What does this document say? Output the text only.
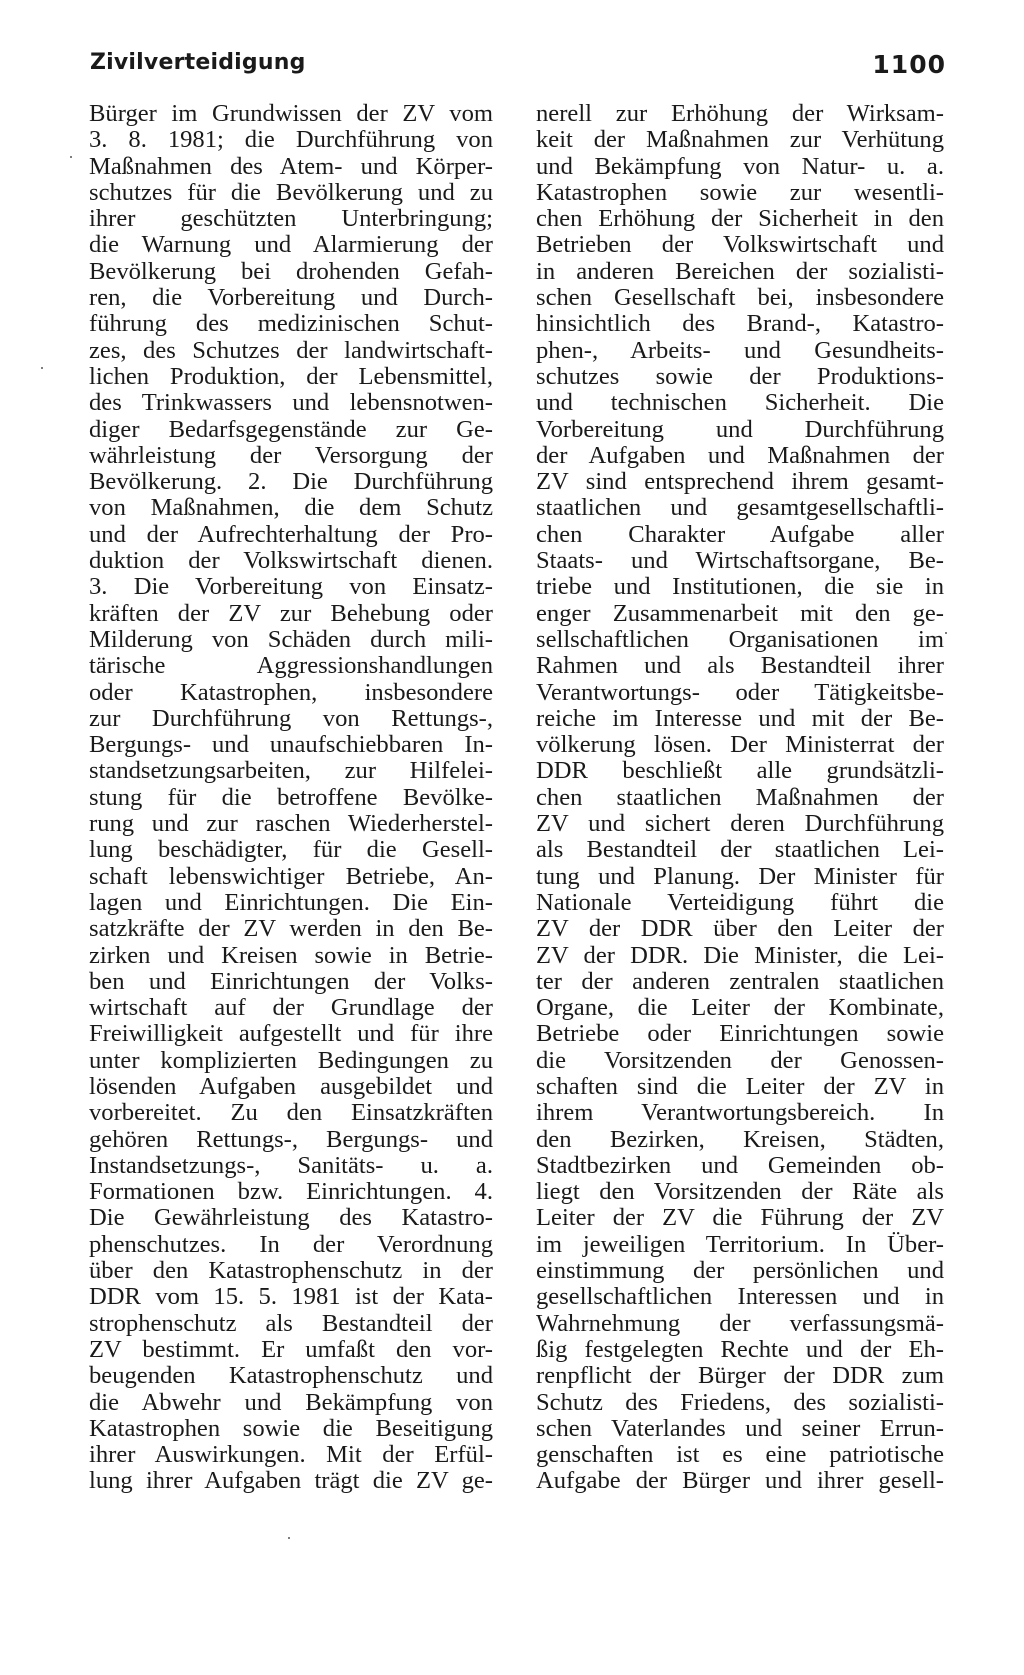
Zivilverteidigung	1100
Bürger im Grundwissen der ZV vom
3. 8. 1981; die Durchführung von
Maßnahmen des Atem- und Körper-
schutzes für die Bevölkerung und zu
ihrer geschützten Unterbringung;
die Warnung und Alarmierung der
Bevölkerung bei drohenden Gefah-
ren, die Vorbereitung und Durch-
führung des medizinischen Schut-
zes, des Schutzes der landwirtschaft-
lichen Produktion, der Lebensmittel,
des Trinkwassers und lebensnotwen-
diger Bedarfsgegenstände zur Ge-
währleistung der Versorgung der
Bevölkerung. 2. Die Durchführung
von Maßnahmen, die dem Schutz
und der Aufrechterhaltung der Pro-
duktion der Volkswirtschaft dienen.
3. Die Vorbereitung von Einsatz-
kräften der ZV zur Behebung oder
Milderung von Schäden durch mili-
tärische Aggressionshandlungen
oder Katastrophen, insbesondere
zur Durchführung von Rettungs-,
Bergungs- und unaufschiebbaren In-
standsetzungsarbeiten, zur Hilfelei-
stung für die betroffene Bevölke-
rung und zur raschen Wiederherstel-
lung beschädigter, für die Gesell-
schaft lebenswichtiger Betriebe, An-
lagen und Einrichtungen. Die Ein-
satzkräfte der ZV werden in den Be-
zirken und Kreisen sowie in Betrie-
ben und Einrichtungen der Volks-
wirtschaft auf der Grundlage der
Freiwilligkeit aufgestellt und für ihre
unter komplizierten Bedingungen zu
lösenden Aufgaben ausgebildet und
vorbereitet. Zu den Einsatzkräften
gehören Rettungs-, Bergungs- und
Instandsetzungs-, Sanitäts- u. a.
Formationen bzw. Einrichtungen. 4.
Die Gewährleistung des Katastro-
phenschutzes. In der Verordnung
über den Katastrophenschutz in der
DDR vom 15. 5. 1981 ist der Kata-
strophenschutz als Bestandteil der
ZV bestimmt. Er umfaßt den vor-
beugenden Katastrophenschutz und
die Abwehr und Bekämpfung von
Katastrophen sowie die Beseitigung
ihrer Auswirkungen. Mit der Erfül-
lung ihrer Aufgaben trägt die ZV ge-
nerell zur Erhöhung der Wirksam-
keit der Maßnahmen zur Verhütung
und Bekämpfung von Natur- u. a.
Katastrophen sowie zur wesentli-
chen Erhöhung der Sicherheit in den
Betrieben der Volkswirtschaft und
in anderen Bereichen der sozialisti-
schen Gesellschaft bei, insbesondere
hinsichtlich des Brand-, Katastro-
phen-, Arbeits- und Gesundheits-
schutzes sowie der Produktions-
und technischen Sicherheit. Die
Vorbereitung und Durchführung
der Aufgaben und Maßnahmen der
ZV sind entsprechend ihrem gesamt-
staatlichen und gesamtgesellschaftli-
chen Charakter Aufgabe aller
Staats- und Wirtschaftsorgane, Be-
triebe und Institutionen, die sie in
enger Zusammenarbeit mit den ge-
sellschaftlichen Organisationen im
Rahmen und als Bestandteil ihrer
Verantwortungs- oder Tätigkeitsbe-
reiche im Interesse und mit der Be-
völkerung lösen. Der Ministerrat der
DDR beschließt alle grundsätzli-
chen staatlichen Maßnahmen der
ZV und sichert deren Durchführung
als Bestandteil der staatlichen Lei-
tung und Planung. Der Minister für
Nationale Verteidigung führt die
ZV der DDR über den Leiter der
ZV der DDR. Die Minister, die Lei-
ter der anderen zentralen staatlichen
Organe, die Leiter der Kombinate,
Betriebe oder Einrichtungen sowie
die Vorsitzenden der Genossen-
schaften sind die Leiter der ZV in
ihrem Verantwortungsbereich. In
den Bezirken, Kreisen, Städten,
Stadtbezirken und Gemeinden ob-
liegt den Vorsitzenden der Räte als
Leiter der ZV die Führung der ZV
im jeweiligen Territorium. In Über-
einstimmung der persönlichen und
gesellschaftlichen Interessen und in
Wahrnehmung der verfassungsmä-
ßig festgelegten Rechte und der Eh-
renpflicht der Bürger der DDR zum
Schutz des Friedens, des sozialisti-
schen Vaterlandes und seiner Errun-
genschaften ist es eine patriotische
Aufgabe der Bürger und ihrer gesell-
